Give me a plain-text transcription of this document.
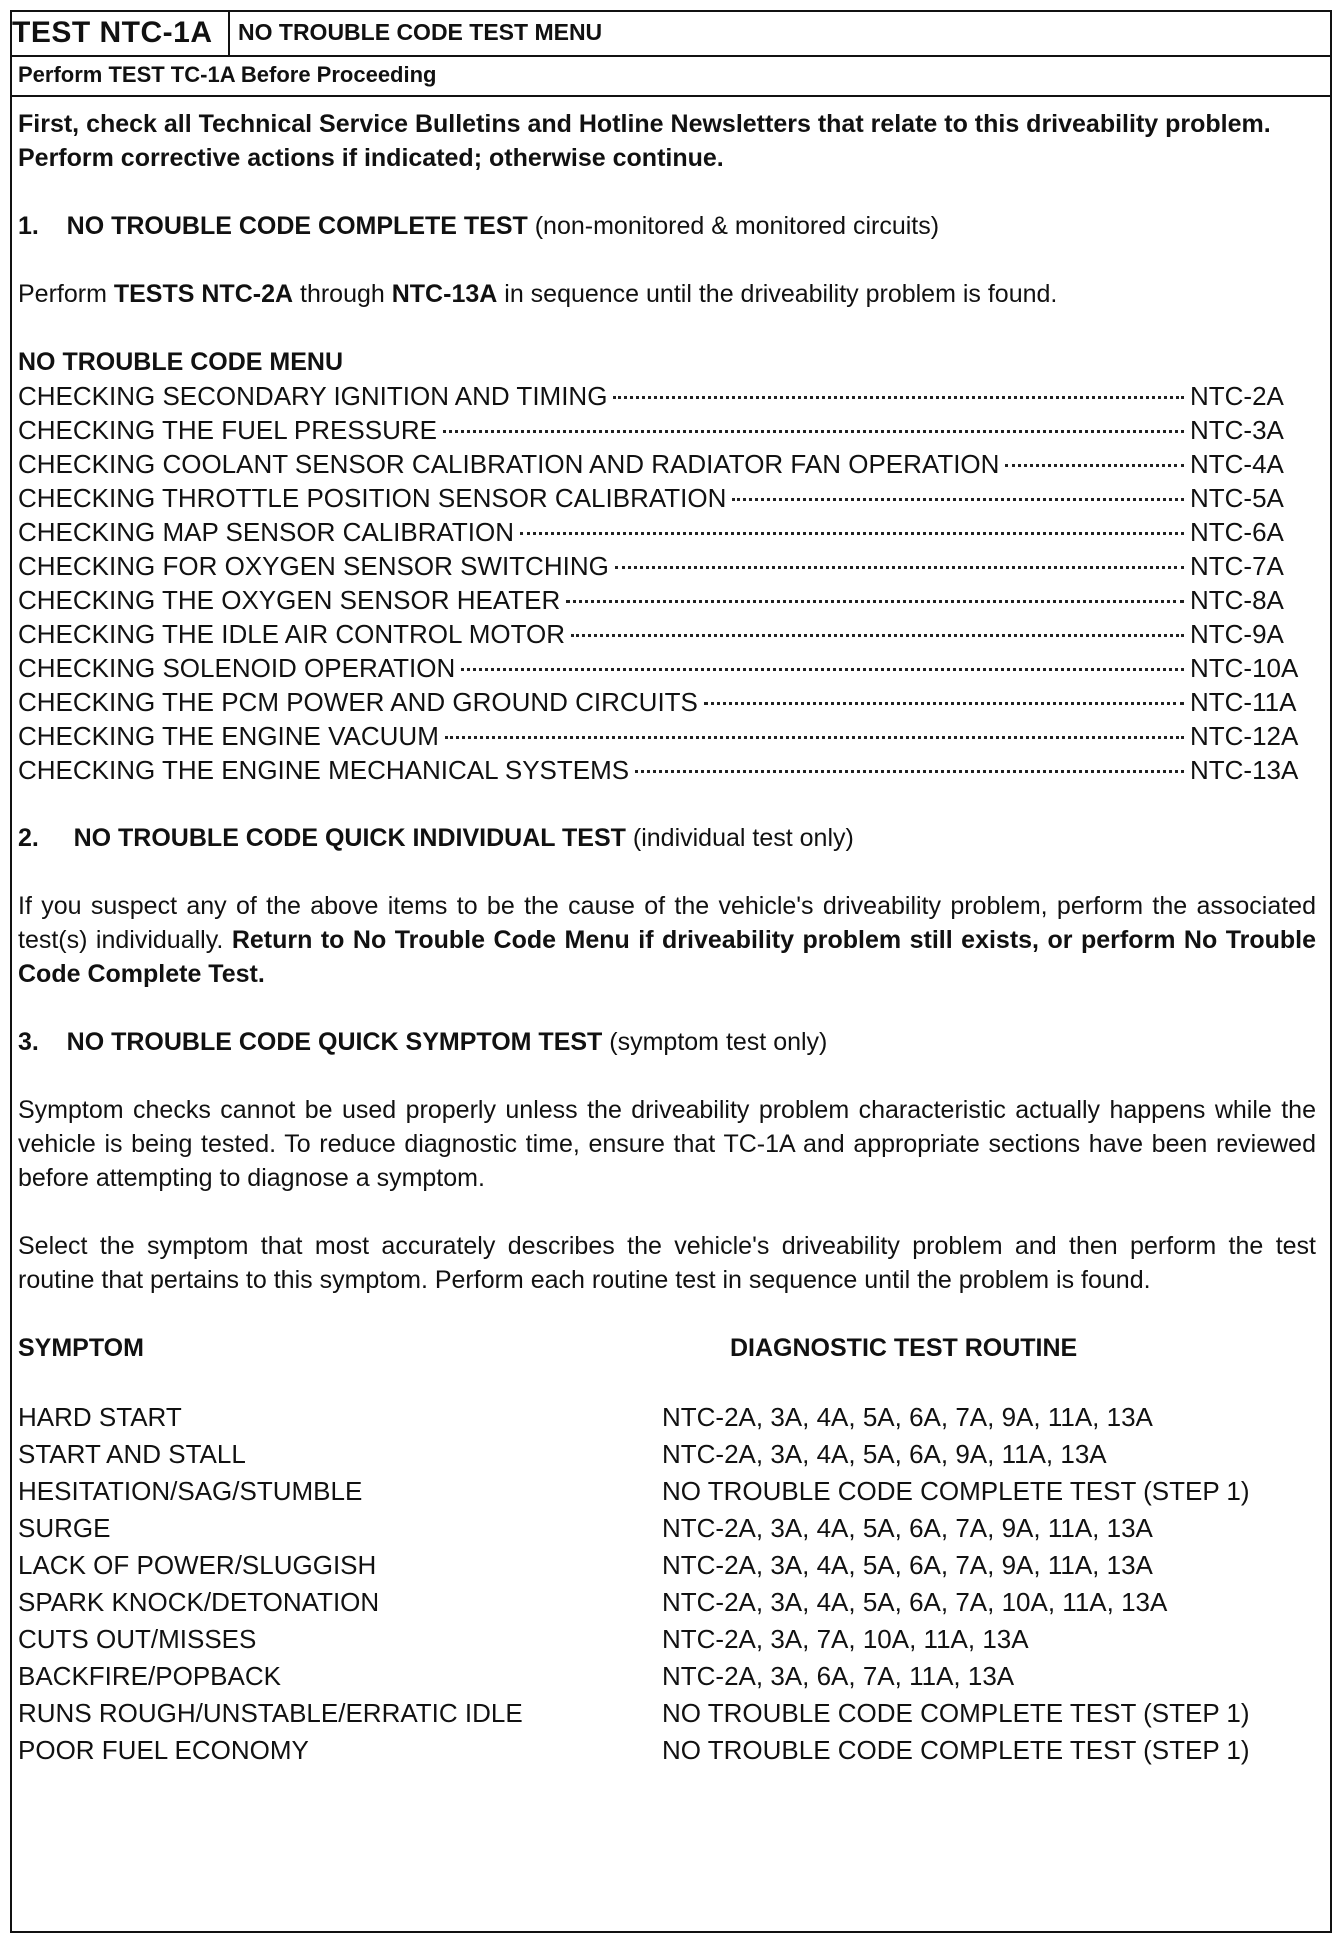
TEST NTC-1A	NO TROUBLE CODE TEST MENU
Perform TEST TC-1A Before Proceeding

First, check all Technical Service Bulletins and Hotline Newsletters that relate to this driveability problem. Perform corrective actions if indicated; otherwise continue.

1. NO TROUBLE CODE COMPLETE TEST (non-monitored & monitored circuits)

Perform TESTS NTC-2A through NTC-13A in sequence until the driveability problem is found.

NO TROUBLE CODE MENU

CHECKING SECONDARY IGNITION AND TIMING	NTC-2A
CHECKING THE FUEL PRESSURE	NTC-3A
CHECKING COOLANT SENSOR CALIBRATION AND RADIATOR FAN OPERATION	NTC-4A
CHECKING THROTTLE POSITION SENSOR CALIBRATION	NTC-5A
CHECKING MAP SENSOR CALIBRATION	NTC-6A
CHECKING FOR OXYGEN SENSOR SWITCHING	NTC-7A
CHECKING THE OXYGEN SENSOR HEATER	NTC-8A
CHECKING THE IDLE AIR CONTROL MOTOR	NTC-9A
CHECKING SOLENOID OPERATION	NTC-10A
CHECKING THE PCM POWER AND GROUND CIRCUITS	NTC-11A
CHECKING THE ENGINE VACUUM	NTC-12A
CHECKING THE ENGINE MECHANICAL SYSTEMS	NTC-13A

2. NO TROUBLE CODE QUICK INDIVIDUAL TEST (individual test only)

If you suspect any of the above items to be the cause of the vehicle's driveability problem, perform the associated test(s) individually. Return to No Trouble Code Menu if driveability problem still exists, or perform No Trouble Code Complete Test.

3. NO TROUBLE CODE QUICK SYMPTOM TEST (symptom test only)

Symptom checks cannot be used properly unless the driveability problem characteristic actually happens while the vehicle is being tested. To reduce diagnostic time, ensure that TC-1A and appropriate sections have been reviewed before attempting to diagnose a symptom.

Select the symptom that most accurately describes the vehicle's driveability problem and then perform the test routine that pertains to this symptom. Perform each routine test in sequence until the problem is found.

SYMPTOM	DIAGNOSTIC TEST ROUTINE
HARD START	NTC-2A, 3A, 4A, 5A, 6A, 7A, 9A, 11A, 13A
START AND STALL	NTC-2A, 3A, 4A, 5A, 6A, 9A, 11A, 13A
HESITATION/SAG/STUMBLE	NO TROUBLE CODE COMPLETE TEST (STEP 1)
SURGE	NTC-2A, 3A, 4A, 5A, 6A, 7A, 9A, 11A, 13A
LACK OF POWER/SLUGGISH	NTC-2A, 3A, 4A, 5A, 6A, 7A, 9A, 11A, 13A
SPARK KNOCK/DETONATION	NTC-2A, 3A, 4A, 5A, 6A, 7A, 10A, 11A, 13A
CUTS OUT/MISSES	NTC-2A, 3A, 7A, 10A, 11A, 13A
BACKFIRE/POPBACK	NTC-2A, 3A, 6A, 7A, 11A, 13A
RUNS ROUGH/UNSTABLE/ERRATIC IDLE	NO TROUBLE CODE COMPLETE TEST (STEP 1)
POOR FUEL ECONOMY	NO TROUBLE CODE COMPLETE TEST (STEP 1)
